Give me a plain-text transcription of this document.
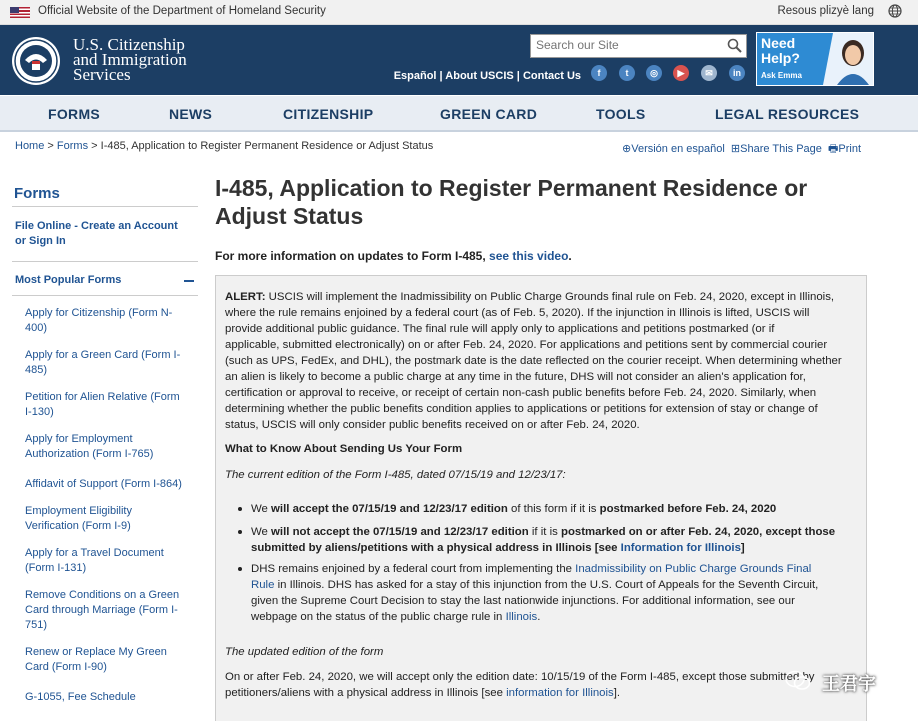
Official Website of the Department of Homeland Security	Resous plizyè lang
U.S. Citizenship
and Immigration
Services
Search our Site	Español | About USCIS | Contact Us	f	t	◎	▶	✉	in
Need
Help?
Ask Emma
FORMS	NEWS	CITIZENSHIP	GREEN CARD	TOOLS	LEGAL RESOURCES
Home > Forms > I-485, Application to Register Permanent Residence or Adjust Status	⊕Versión en español ⊞Share This Page 🖶Print
Forms
File Online - Create an Account or Sign In
Most Popular Forms
Apply for Citizenship (Form N-400)
Apply for a Green Card (Form I-485)
Petition for Alien Relative (Form I-130)
Apply for Employment Authorization (Form I-765)
Affidavit of Support (Form I-864)
Employment Eligibility Verification (Form I-9)
Apply for a Travel Document (Form I-131)
Remove Conditions on a Green Card through Marriage (Form I-751)
Renew or Replace My Green Card (Form I-90)
G-1055, Fee Schedule
I-485, Application to Register Permanent Residence or Adjust Status
For more information on updates to Form I-485, see this video.
ALERT: USCIS will implement the Inadmissibility on Public Charge Grounds final rule on Feb. 24, 2020, except in Illinois,
where the rule remains enjoined by a federal court (as of Feb. 5, 2020). If the injunction in Illinois is lifted, USCIS will
provide additional public guidance. The final rule will apply only to applications and petitions postmarked (or if
applicable, submitted electronically) on or after Feb. 24, 2020. For applications and petitions sent by commercial courier
(such as UPS, FedEx, and DHL), the postmark date is the date reflected on the courier receipt. When determining whether
an alien is likely to become a public charge at any time in the future, DHS will not consider an alien's application for,
certification or approval to receive, or receipt of certain non-cash public benefits before Feb. 24, 2020. Similarly, when
determining whether the public benefits condition applies to applications or petitions for extension of stay or change of
status, USCIS will only consider public benefits received on or after Feb. 24, 2020.
What to Know About Sending Us Your Form
The current edition of the Form I-485, dated 07/15/19 and 12/23/17:
We will accept the 07/15/19 and 12/23/17 edition of this form if it is postmarked before Feb. 24, 2020
We will not accept the 07/15/19 and 12/23/17 edition if it is postmarked on or after Feb. 24, 2020, except those
submitted by aliens/petitions with a physical address in Illinois [see Information for Illinois]
DHS remains enjoined by a federal court from implementing the Inadmissibility on Public Charge Grounds Final
Rule in Illinois. DHS has asked for a stay of this injunction from the U.S. Court of Appeals for the Seventh Circuit,
given the Supreme Court Decision to stay the last nationwide injunctions. For additional information, see our
webpage on the status of the public charge rule in Illinois.
The updated edition of the form
On or after Feb. 24, 2020, we will accept only the edition date: 10/15/19 of the Form I-485, except those submitted by
petitioners/aliens with a physical address in Illinois [see information for Illinois].	王君宇
